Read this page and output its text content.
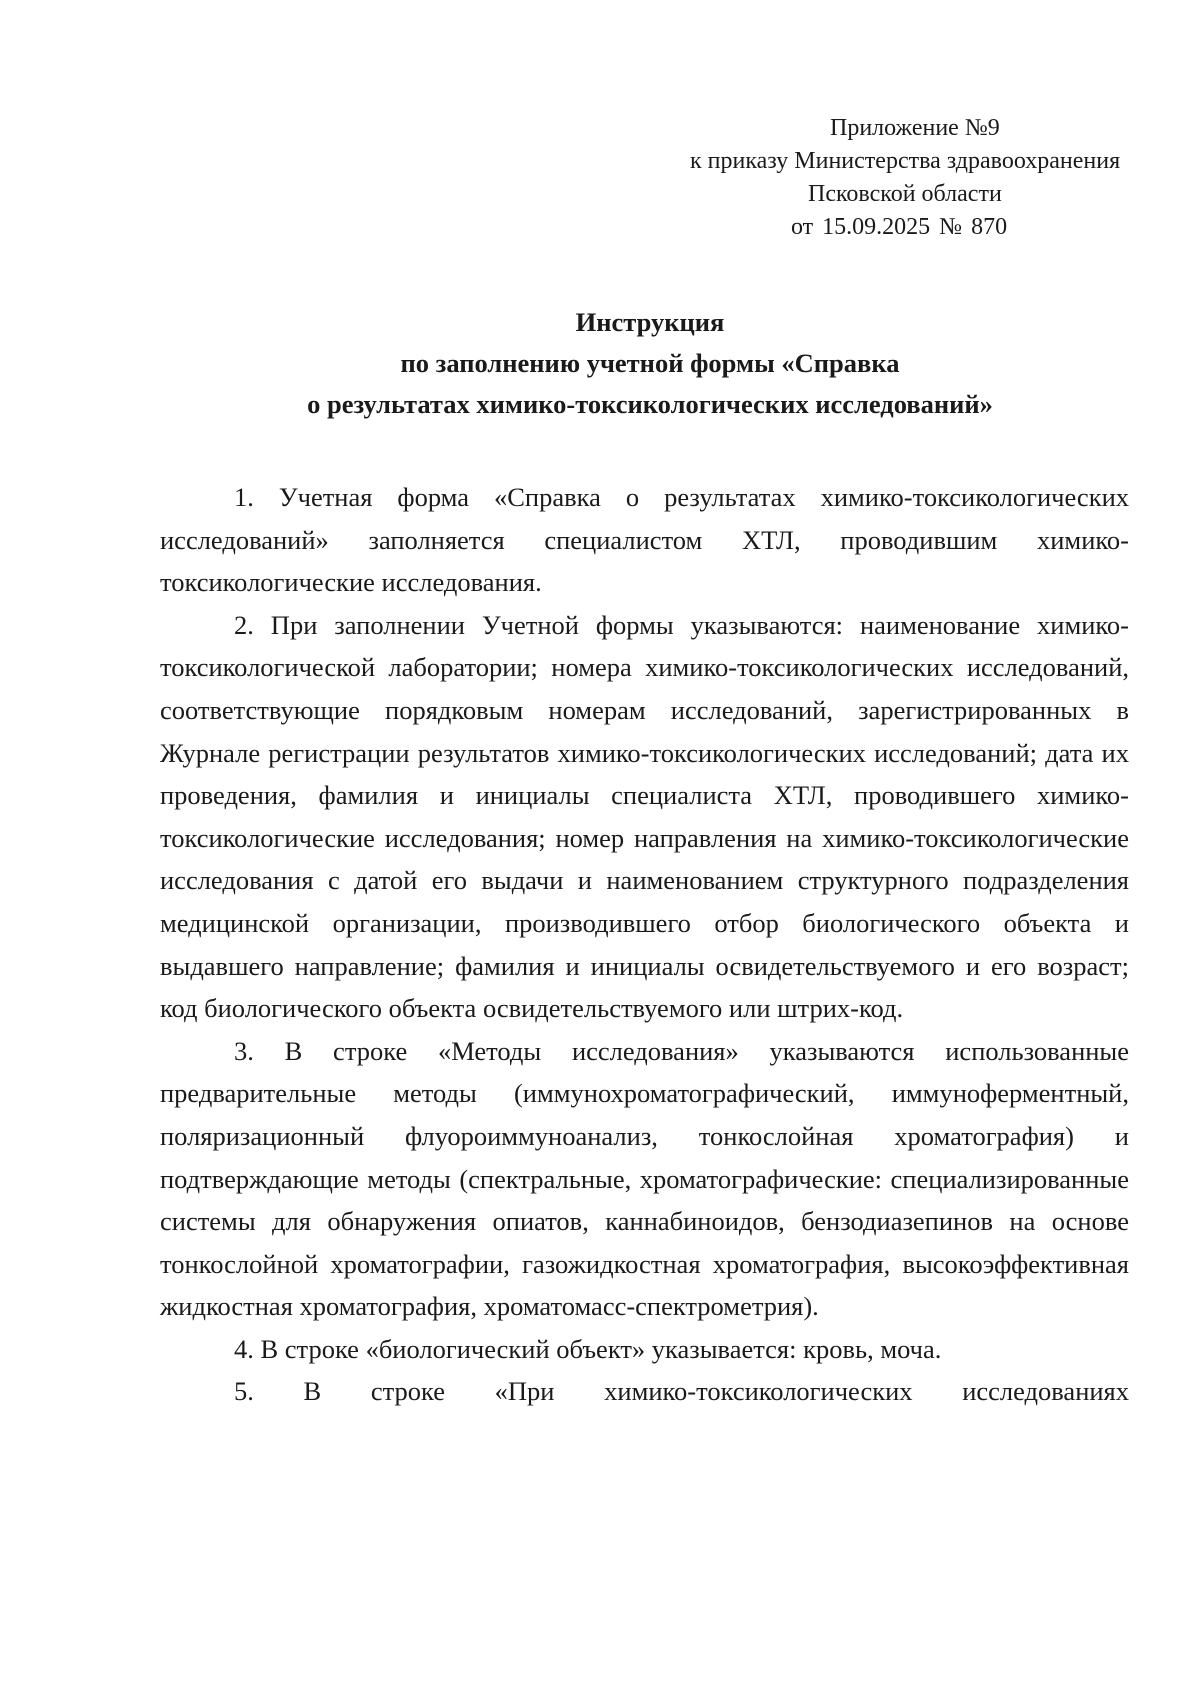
Приложение №9
к приказу Министерства здравоохранения
Псковской области
от 15.09.2025 № 870
Инструкция
по заполнению учетной формы «Справка
о результатах химико-токсикологических исследований»

1. Учетная форма «Справка о результатах химико-токсикологических исследований» заполняется специалистом ХТЛ, проводившим химико-токсикологические исследования.

2. При заполнении Учетной формы указываются: наименование химико-токсикологической лаборатории; номера химико-токсикологических исследований, соответствующие порядковым номерам исследований, зарегистрированных в Журнале регистрации результатов химико-токсикологических исследований; дата их проведения, фамилия и инициалы специалиста ХТЛ, проводившего химико-токсикологические исследования; номер направления на химико-токсикологические исследования с датой его выдачи и наименованием структурного подразделения медицинской организации, производившего отбор биологического объекта и выдавшего направление; фамилия и инициалы освидетельствуемого и его возраст; код биологического объекта освидетельствуемого или штрих-код.

3. В строке «Методы исследования» указываются использованные предварительные методы (иммунохроматографический, иммуноферментный, поляризационный флуороиммуноанализ, тонкослойная хроматография) и подтверждающие методы (спектральные, хроматографические: специализированные системы для обнаружения опиатов, каннабиноидов, бензодиазепинов на основе тонкослойной хроматографии, газожидкостная хроматография, высокоэффективная жидкостная хроматография, хроматомасс-спектрометрия).

4. В строке «биологический объект» указывается: кровь, моча.

5. В строке «При химико-токсикологических исследованиях
